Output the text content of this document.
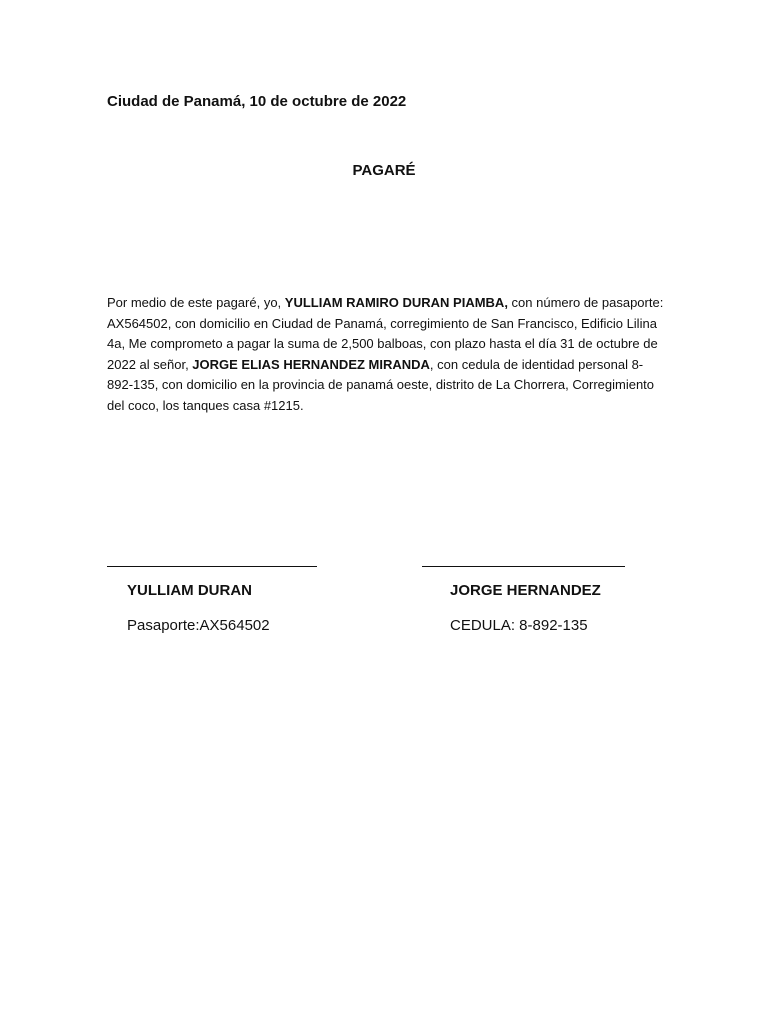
Ciudad de Panamá, 10 de octubre de 2022
PAGARÉ
Por medio de este pagaré, yo, YULLIAM RAMIRO DURAN PIAMBA, con número de pasaporte: AX564502, con domicilio en Ciudad de Panamá, corregimiento de San Francisco, Edificio Lilina 4a, Me comprometo a pagar la suma de 2,500 balboas, con plazo hasta el día 31 de octubre de 2022 al señor, JORGE ELIAS HERNANDEZ MIRANDA, con cedula de identidad personal 8-892-135, con domicilio en la provincia de panamá oeste, distrito de La Chorrera, Corregimiento del coco, los tanques casa #1215.
YULLIAM DURAN	JORGE HERNANDEZ
Pasaporte:AX564502	CEDULA: 8-892-135
